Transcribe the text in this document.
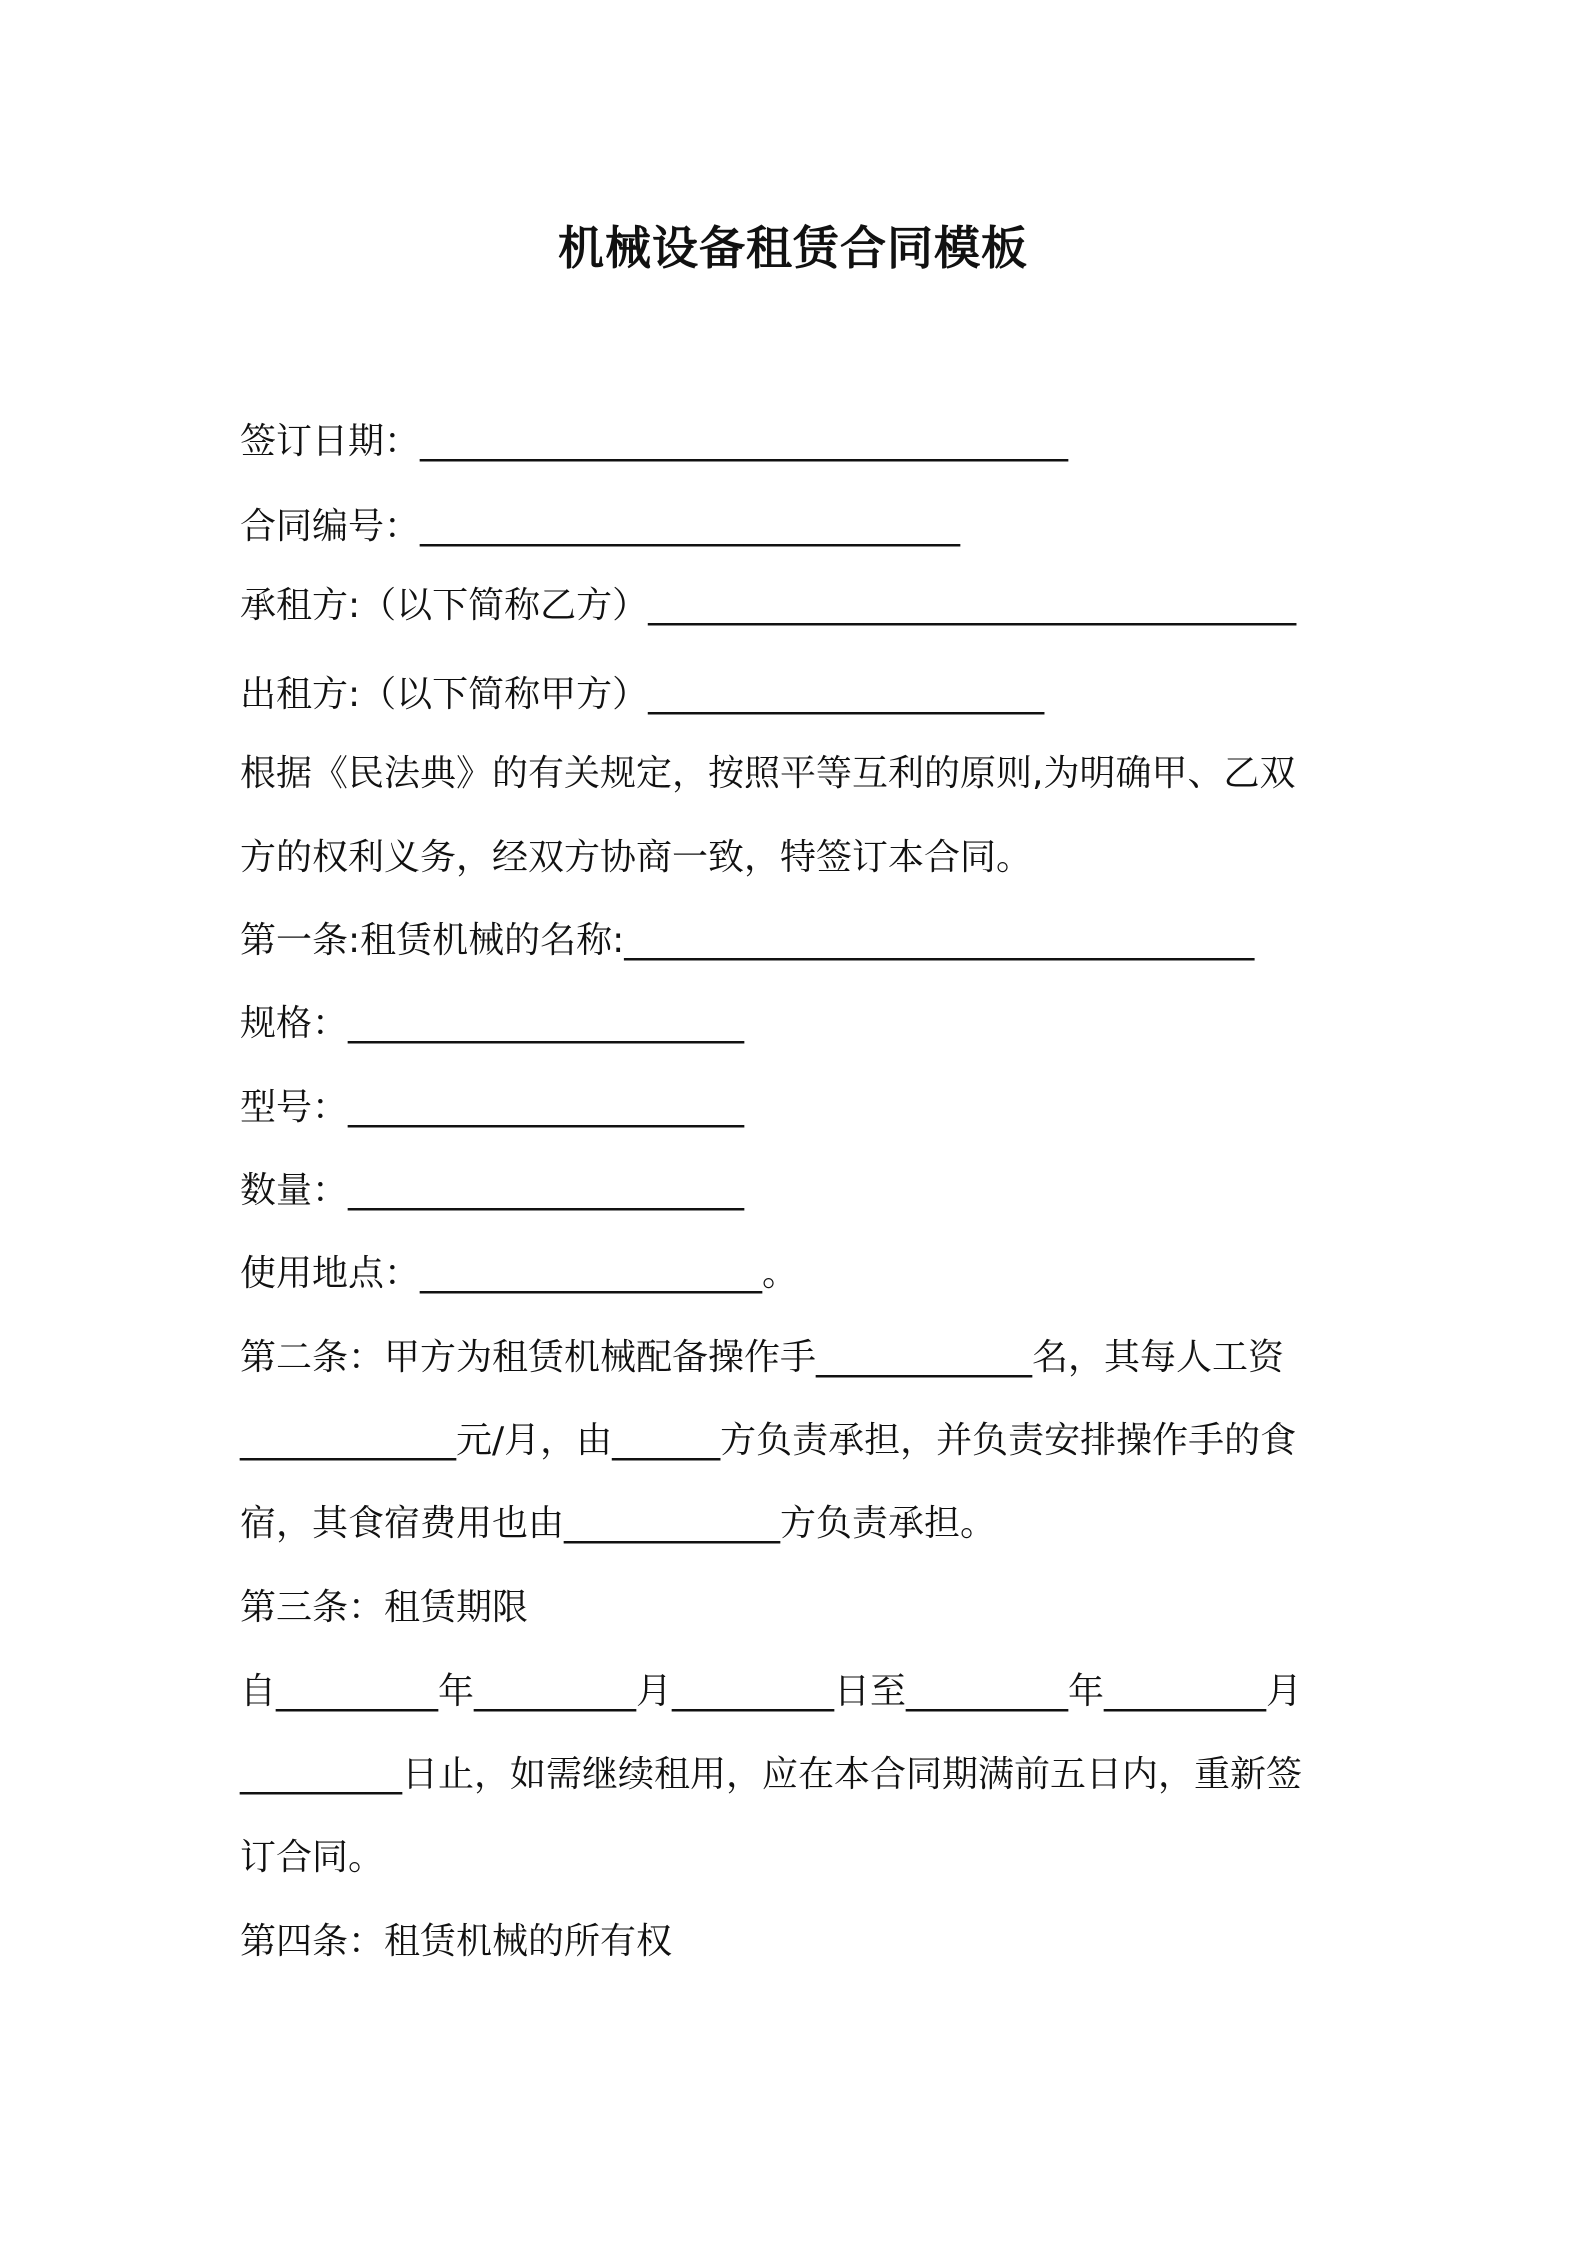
机械设备租赁合同模板

签订日期：____________________________________

合同编号：______________________________

承租方:（以下简称乙方）____________________________________

出租方:（以下简称甲方）______________________

根据《民法典》的有关规定，按照平等互利的原则,为明确甲、乙双

方的权利义务，经双方协商一致，特签订本合同。

第一条:租赁机械的名称:___________________________________

规格：______________________

型号：______________________

数量：______________________

使用地点：___________________。

第二条：甲方为租赁机械配备操作手____________名，其每人工资

____________元/月，由______方负责承担，并负责安排操作手的食

宿，其食宿费用也由____________方负责承担。

第三条：租赁期限

自_________年_________月_________日至_________年_________月

_________日止，如需继续租用，应在本合同期满前五日内，重新签

订合同。

第四条：租赁机械的所有权
